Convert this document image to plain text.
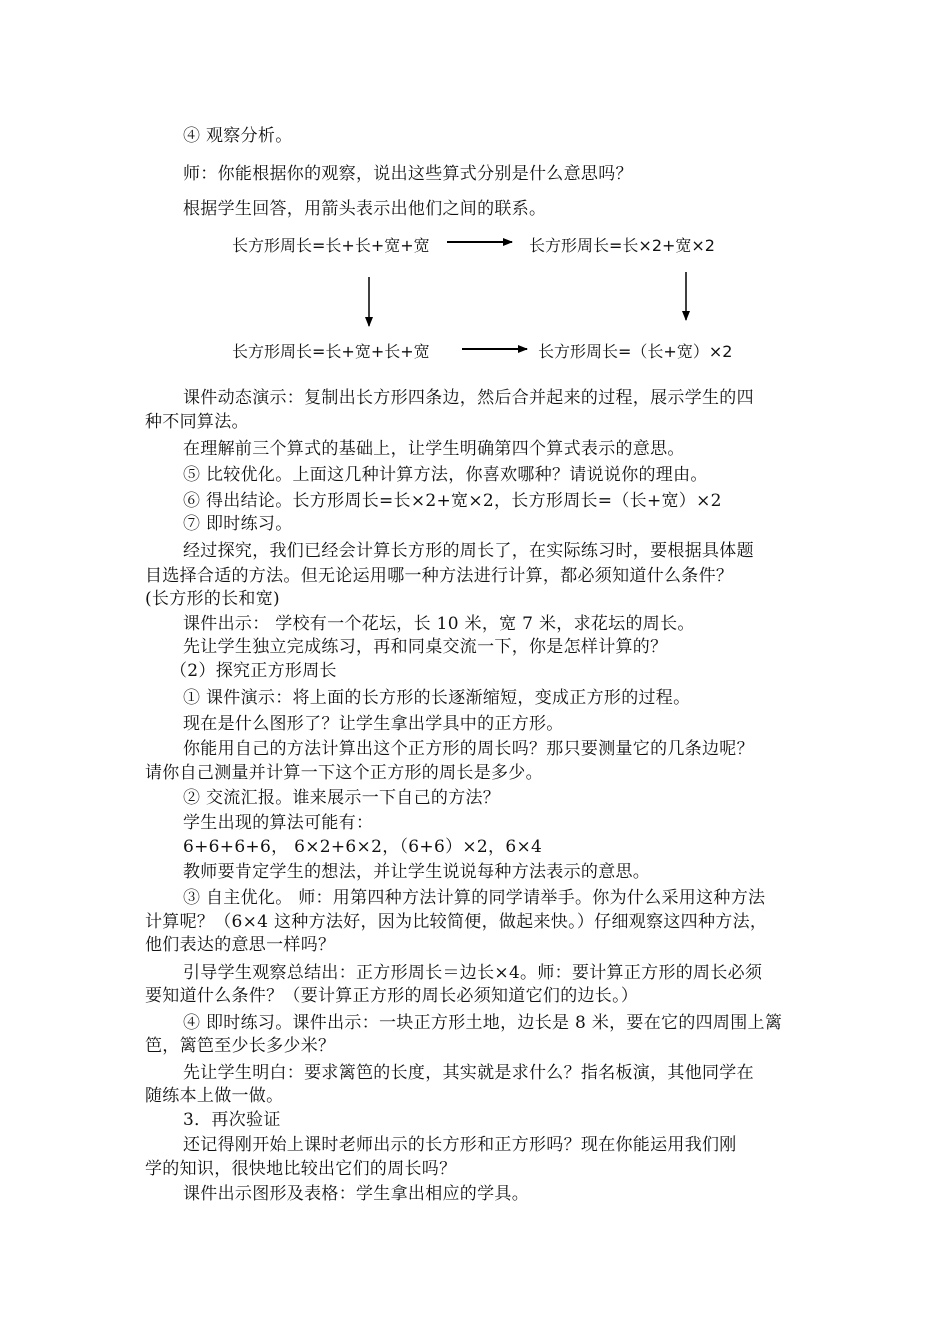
④ 观察分析。
师：你能根据你的观察，说出这些算式分别是什么意思吗？
根据学生回答，用箭头表示出他们之间的联系。
长方形周长=长+长+宽+宽	长方形周长=长×2+宽×2
长方形周长=长+宽+长+宽	长方形周长=（长+宽）×2
课件动态演示：复制出长方形四条边，然后合并起来的过程，展示学生的四
种不同算法。
在理解前三个算式的基础上，让学生明确第四个算式表示的意思。
⑤ 比较优化。上面这几种计算方法，你喜欢哪种？请说说你的理由。
⑥ 得出结论。长方形周长=长×2+宽×2，长方形周长=（长+宽）×2
⑦ 即时练习。
经过探究，我们已经会计算长方形的周长了，在实际练习时，要根据具体题
目选择合适的方法。但无论运用哪一种方法进行计算，都必须知道什么条件？
(长方形的长和宽)
课件出示： 学校有一个花坛，长 10 米，宽 7 米，求花坛的周长。
先让学生独立完成练习，再和同桌交流一下，你是怎样计算的？
（2）探究正方形周长
① 课件演示：将上面的长方形的长逐渐缩短，变成正方形的过程。
现在是什么图形了？让学生拿出学具中的正方形。
你能用自己的方法计算出这个正方形的周长吗？那只要测量它的几条边呢？
请你自己测量并计算一下这个正方形的周长是多少。
② 交流汇报。谁来展示一下自己的方法？
学生出现的算法可能有：
6+6+6+6， 6×2+6×2，（6+6）×2，6×4
教师要肯定学生的想法，并让学生说说每种方法表示的意思。
③ 自主优化。 师：用第四种方法计算的同学请举手。你为什么采用这种方法
计算呢？（6×4 这种方法好，因为比较简便，做起来快。）仔细观察这四种方法，
他们表达的意思一样吗？
引导学生观察总结出：正方形周长＝边长×4。师：要计算正方形的周长必须
要知道什么条件？（要计算正方形的周长必须知道它们的边长。）
④ 即时练习。课件出示：一块正方形土地，边长是 8 米，要在它的四周围上篱
笆，篱笆至少长多少米？
先让学生明白：要求篱笆的长度，其实就是求什么？指名板演，其他同学在
随练本上做一做。
3．再次验证
还记得刚开始上课时老师出示的长方形和正方形吗？现在你能运用我们刚
学的知识，很快地比较出它们的周长吗？
课件出示图形及表格：学生拿出相应的学具。
